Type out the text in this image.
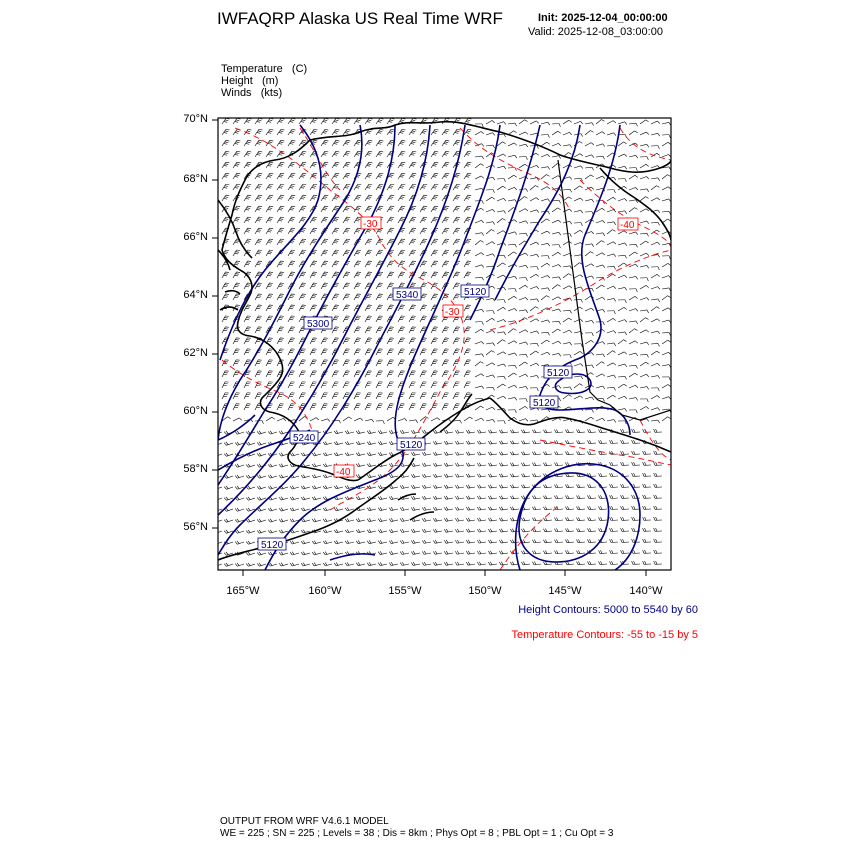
IWFAQRP Alaska US Real Time WRF	Init: 2025-12-04_00:00:00
Valid: 2025-12-08_03:00:00
Temperature   (C)
Height   (m)
Winds   (kts)
5340	5120
5300
5120
5120
5240
5120
5120
-30
-30
-40
-40
70°N
68°N
66°N
64°N
62°N
60°N
58°N
56°N
165°W	160°W	155°W	150°W	145°W	140°W
Height Contours: 5000 to 5540 by 60
Temperature Contours: -55 to -15 by 5
OUTPUT FROM WRF V4.6.1 MODEL
WE = 225 ; SN = 225 ; Levels = 38 ; Dis = 8km ; Phys Opt = 8 ; PBL Opt = 1 ; Cu Opt = 3
